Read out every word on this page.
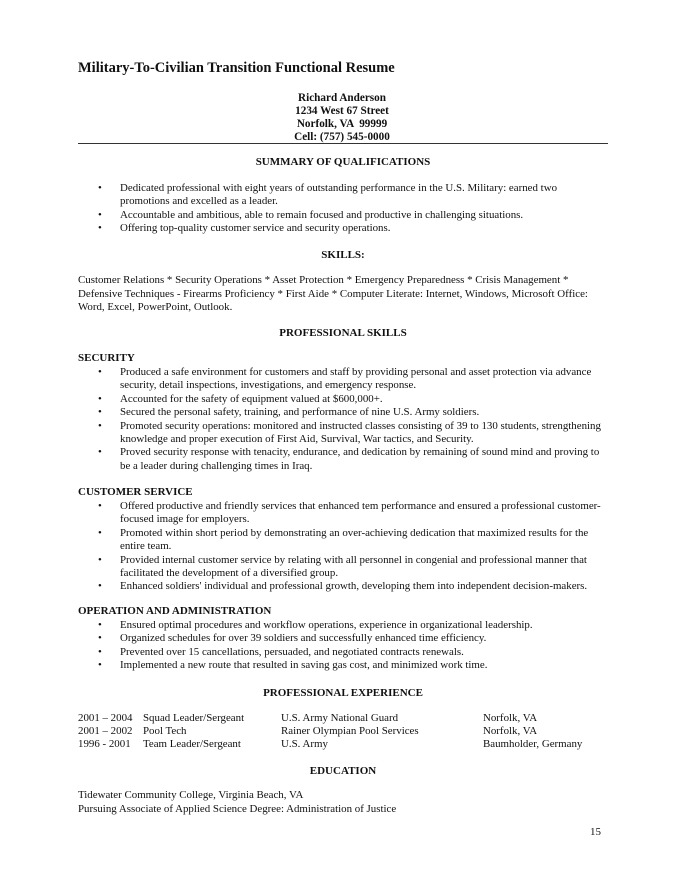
Military-To-Civilian Transition Functional Resume
Richard Anderson
1234 West 67 Street
Norfolk, VA  99999
Cell: (757) 545-0000
SUMMARY OF QUALIFICATIONS
• Dedicated professional with eight years of outstanding performance in the U.S. Military: earned two promotions and excelled as a leader.
• Accountable and ambitious, able to remain focused and productive in challenging situations.
• Offering top-quality customer service and security operations.
SKILLS:
Customer Relations * Security Operations * Asset Protection * Emergency Preparedness * Crisis Management * Defensive Techniques - Firearms Proficiency * First Aide * Computer Literate: Internet, Windows, Microsoft Office: Word, Excel, PowerPoint, Outlook.
PROFESSIONAL SKILLS
SECURITY
• Produced a safe environment for customers and staff by providing personal and asset protection via advance security, detail inspections, investigations, and emergency response.
• Accounted for the safety of equipment valued at $600,000+.
• Secured the personal safety, training, and performance of nine U.S. Army soldiers.
• Promoted security operations: monitored and instructed classes consisting of 39 to 130 students, strengthening knowledge and proper execution of First Aid, Survival, War tactics, and Security.
• Proved security response with tenacity, endurance, and dedication by remaining of sound mind and proving to be a leader during challenging times in Iraq.
CUSTOMER SERVICE
• Offered productive and friendly services that enhanced tem performance and ensured a professional customer-focused image for employers.
• Promoted within short period by demonstrating an over-achieving dedication that maximized results for the entire team.
• Provided internal customer service by relating with all personnel in congenial and professional manner that facilitated the development of a diversified group.
• Enhanced soldiers' individual and professional growth, developing them into independent decision-makers.
OPERATION AND ADMINISTRATION
• Ensured optimal procedures and workflow operations, experience in organizational leadership.
• Organized schedules for over 39 soldiers and successfully enhanced time efficiency.
• Prevented over 15 cancellations, persuaded, and negotiated contracts renewals.
• Implemented a new route that resulted in saving gas cost, and minimized work time.
PROFESSIONAL EXPERIENCE
2001 – 2004 Squad Leader/Sergeant	U.S. Army National Guard	Norfolk, VA
2001 – 2002 Pool Tech	Rainer Olympian Pool Services	Norfolk, VA
1996 - 2001 Team Leader/Sergeant	U.S. Army	Baumholder, Germany
EDUCATION
Tidewater Community College, Virginia Beach, VA
Pursuing Associate of Applied Science Degree: Administration of Justice
15
